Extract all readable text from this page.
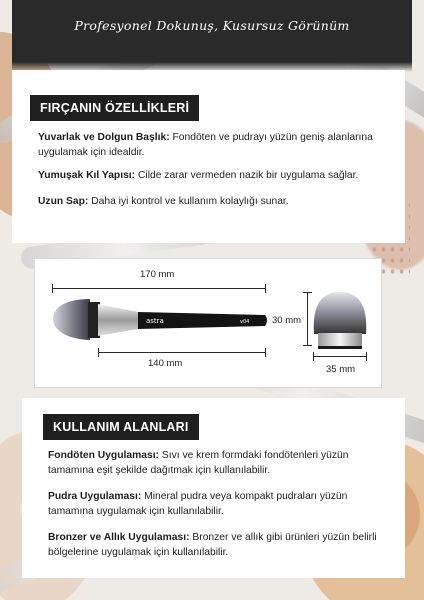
Profesyonel Dokunuş, Kusursuz Görünüm
FIRÇANIN ÖZELLİKLERİ

Yuvarlak ve Dolgun Başlık: Fondöten ve pudrayı yüzün geniş alanlarına uygulamak için idealdir.

Yumuşak Kıl Yapısı: Cilde zarar vermeden nazik bir uygulama sağlar.

Uzun Sap: Daha iyi kontrol ve kullanım kolaylığı sunar.

170 mm
astra	v04
140 mm
30 mm
35 mm
KULLANIM ALANLARI

Fondöten Uygulaması: Sıvı ve krem formdaki fondötenleri yüzün tamamına eşit şekilde dağıtmak için kullanılabilir.

Pudra Uygulaması: Mineral pudra veya kompakt pudraları yüzün tamamına uygulamak için kullanılabilir.

Bronzer ve Allık Uygulaması: Bronzer ve allık gibi ürünleri yüzün belirli bölgelerine uygulamak için kullanılabilir.
